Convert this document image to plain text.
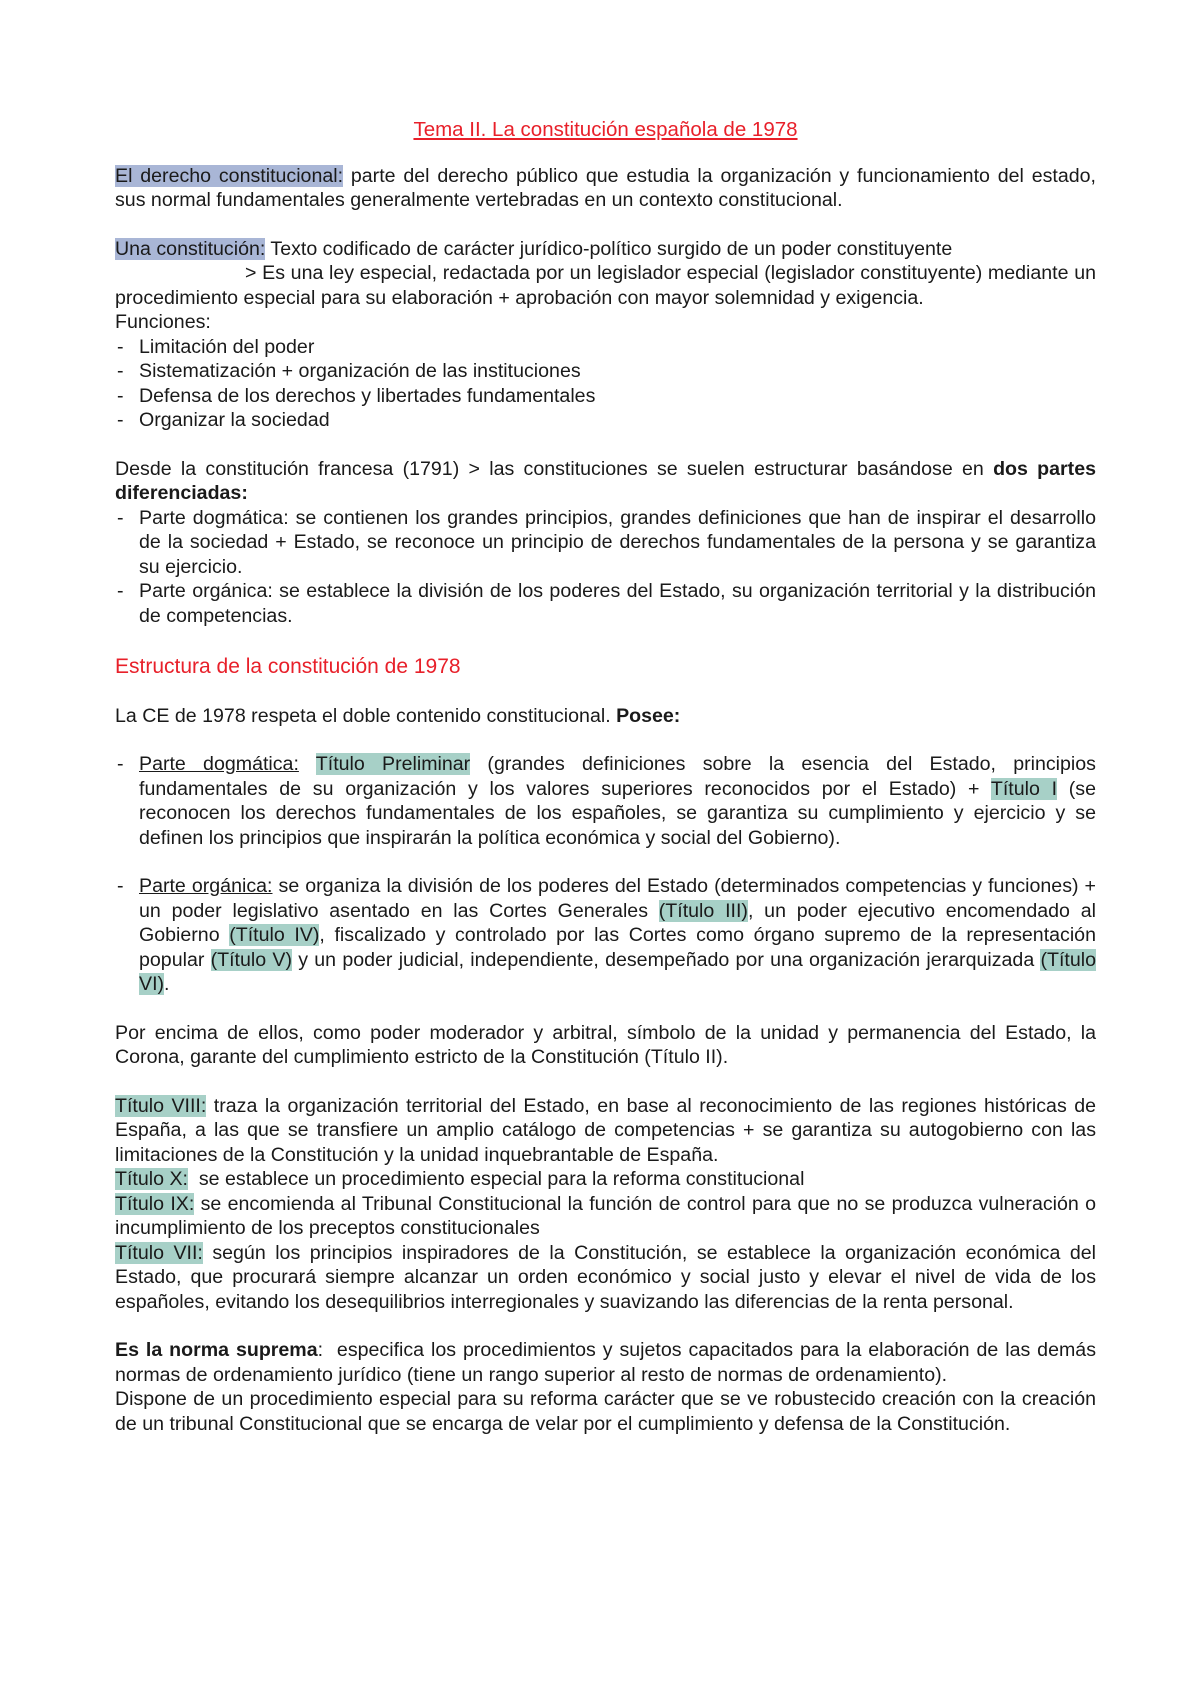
Tema II. La constitución española de 1978

El derecho constitucional: parte del derecho público que estudia la organización y funcionamiento del estado, sus normal fundamentales generalmente vertebradas en un contexto constitucional.

Una constitución: Texto codificado de carácter jurídico-político surgido de un poder constituyente

> Es una ley especial, redactada por un legislador especial (legislador constituyente) mediante un procedimiento especial para su elaboración + aprobación con mayor solemnidad y exigencia.

Funciones:

- Limitación del poder
- Sistematización + organización de las instituciones
- Defensa de los derechos y libertades fundamentales
- Organizar la sociedad

Desde la constitución francesa (1791) > las constituciones se suelen estructurar basándose en dos partes diferenciadas:

- Parte dogmática: se contienen los grandes principios, grandes definiciones que han de inspirar el desarrollo de la sociedad + Estado, se reconoce un principio de derechos fundamentales de la persona y se garantiza su ejercicio.
- Parte orgánica: se establece la división de los poderes del Estado, su organización territorial y la distribución de competencias.
Estructura de la constitución de 1978

La CE de 1978 respeta el doble contenido constitucional. Posee:

- Parte dogmática: Título Preliminar (grandes definiciones sobre la esencia del Estado, principios fundamentales de su organización y los valores superiores reconocidos por el Estado) + Título I (se reconocen los derechos fundamentales de los españoles, se garantiza su cumplimiento y ejercicio y se definen los principios que inspirarán la política económica y social del Gobierno).
- Parte orgánica: se organiza la división de los poderes del Estado (determinados competencias y funciones) + un poder legislativo asentado en las Cortes Generales (Título III), un poder ejecutivo encomendado al Gobierno (Título IV), fiscalizado y controlado por las Cortes como órgano supremo de la representación popular (Título V) y un poder judicial, independiente, desempeñado por una organización jerarquizada (Título VI).

Por encima de ellos, como poder moderador y arbitral, símbolo de la unidad y permanencia del Estado, la Corona, garante del cumplimiento estricto de la Constitución (Título II).

Título VIII: traza la organización territorial del Estado, en base al reconocimiento de las regiones históricas de España, a las que se transfiere un amplio catálogo de competencias + se garantiza su autogobierno con las limitaciones de la Constitución y la unidad inquebrantable de España.

Título X:  se establece un procedimiento especial para la reforma constitucional

Título IX: se encomienda al Tribunal Constitucional la función de control para que no se produzca vulneración o incumplimiento de los preceptos constitucionales

Título VII: según los principios inspiradores de la Constitución, se establece la organización económica del Estado, que procurará siempre alcanzar un orden económico y social justo y elevar el nivel de vida de los españoles, evitando los desequilibrios interregionales y suavizando las diferencias de la renta personal.

Es la norma suprema:  especifica los procedimientos y sujetos capacitados para la elaboración de las demás normas de ordenamiento jurídico (tiene un rango superior al resto de normas de ordenamiento).

Dispone de un procedimiento especial para su reforma carácter que se ve robustecido creación con la creación de un tribunal Constitucional que se encarga de velar por el cumplimiento y defensa de la Constitución.
